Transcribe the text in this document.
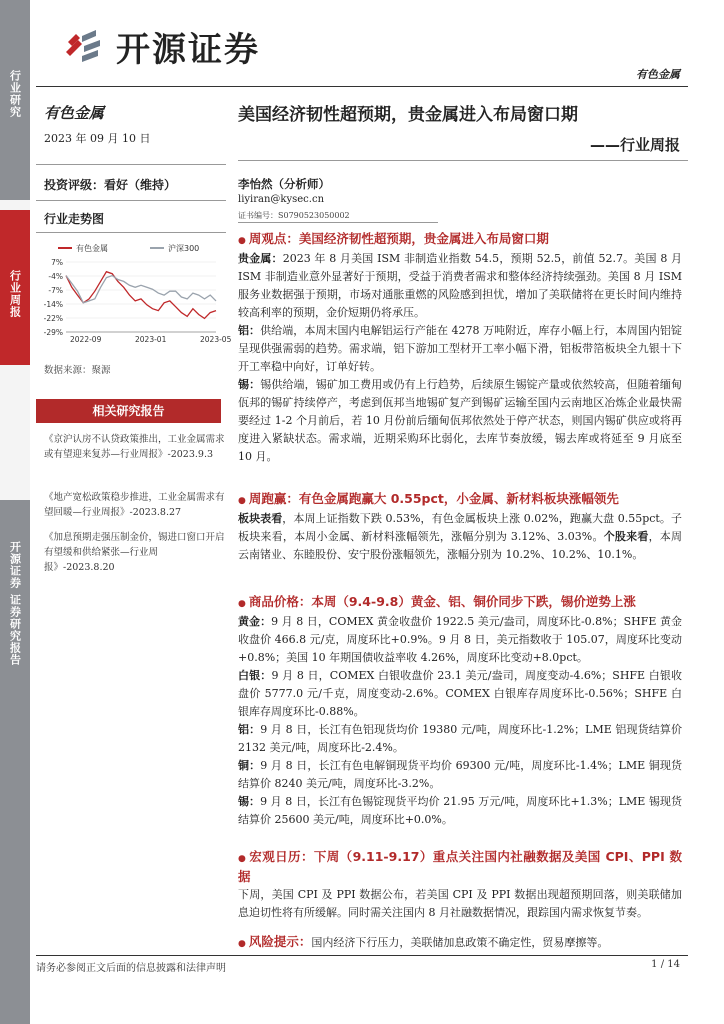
行业研究
行业周报
开源证券 证券研究报告
开源证券
有色金属
有色金属
2023 年 09 月 10 日
投资评级：看好（维持）
行业走势图
有色金属	沪深300
7%
-4%
-7%
-14%
-22%
-29%
2022-09	2023-01	2023-05
数据来源：聚源
相关研究报告
《京沪认房不认贷政策推出，工业金属需求或有望迎来复苏—行业周报》-2023.9.3
《地产宽松政策稳步推进，工业金属需求有望回暖—行业周报》-2023.8.27
《加息预期走强压制金价，锡进口窗口开启有望缓和供给紧张—行业周报》-2023.8.20
美国经济韧性超预期，贵金属进入布局窗口期
——行业周报
李怡然（分析师）
liyiran@kysec.cn
证书编号：S0790523050002
● 周观点：美国经济韧性超预期，贵金属进入布局窗口期
贵金属：2023 年 8 月美国 ISM 非制造业指数 54.5，预期 52.5，前值 52.7。美国 8 月 ISM 非制造业意外显著好于预期，受益于消费者需求和整体经济持续强劲。美国 8 月 ISM 服务业数据强于预期，市场对通胀重燃的风险感到担忧，增加了美联储将在更长时间内维持较高利率的预期，金价短期仍将承压。
铝：供给端，本周末国内电解铝运行产能在 4278 万吨附近，库存小幅上行，本周国内铝锭呈现供强需弱的趋势。需求端，铝下游加工型材开工率小幅下滑，铝板带箔板块全九银十下开工率稳中向好，订单好转。
锡：锡供给端，锡矿加工费用或仍有上行趋势，后续原生锡锭产量或依然较高，但随着缅甸佤邦的锡矿持续停产，考虑到佤邦当地锡矿复产到锡矿运输至国内云南地区冶炼企业最快需要经过 1-2 个月前后，若 10 月份前后缅甸佤邦依然处于停产状态，则国内锡矿供应或将再度进入紧缺状态。需求端，近期采购环比弱化，去库节奏放缓，锡去库或将延至 9 月底至 10 月。
● 周跑赢：有色金属跑赢大 0.55pct，小金属、新材料板块涨幅领先
板块表看，本周上证指数下跌 0.53%，有色金属板块上涨 0.02%，跑赢大盘 0.55pct。子板块来看，本周小金属、新材料涨幅领先，涨幅分别为 3.12%、3.03%。个股来看，本周云南锗业、东睦股份、安宁股份涨幅领先，涨幅分别为 10.2%、10.2%、10.1%。
● 商品价格：本周（9.4-9.8）黄金、铝、铜价同步下跌，锡价逆势上涨
黄金：9 月 8 日，COMEX 黄金收盘价 1922.5 美元/盎司，周度环比-0.8%；SHFE 黄金收盘价 466.8 元/克，周度环比+0.9%。9 月 8 日，美元指数收于 105.07，周度环比变动+0.8%；美国 10 年期国债收益率收 4.26%，周度环比变动+8.0pct。
白银：9 月 8 日，COMEX 白银收盘价 23.1 美元/盎司，周度变动-4.6%；SHFE 白银收盘价 5777.0 元/千克，周度变动-2.6%。COMEX 白银库存周度环比-0.56%；SHFE 白银库存周度环比-0.88%。
铝：9 月 8 日，长江有色铝现货均价 19380 元/吨，周度环比-1.2%；LME 铝现货结算价 2132 美元/吨，周度环比-2.4%。
铜：9 月 8 日，长江有色电解铜现货平均价 69300 元/吨，周度环比-1.4%；LME 铜现货结算价 8240 美元/吨，周度环比-3.2%。
锡：9 月 8 日，长江有色锡锭现货平均价 21.95 万元/吨，周度环比+1.3%；LME 锡现货结算价 25600 美元/吨，周度环比+0.0%。
● 宏观日历：下周（9.11-9.17）重点关注国内社融数据及美国 CPI、PPI 数据
下周，美国 CPI 及 PPI 数据公布，若美国 CPI 及 PPI 数据出现超预期回落，则美联储加息迫切性将有所缓解。同时需关注国内 8 月社融数据情况，跟踪国内需求恢复节奏。
● 风险提示：国内经济下行压力，美联储加息政策不确定性，贸易摩擦等。
请务必参阅正文后面的信息披露和法律声明	1 / 14
